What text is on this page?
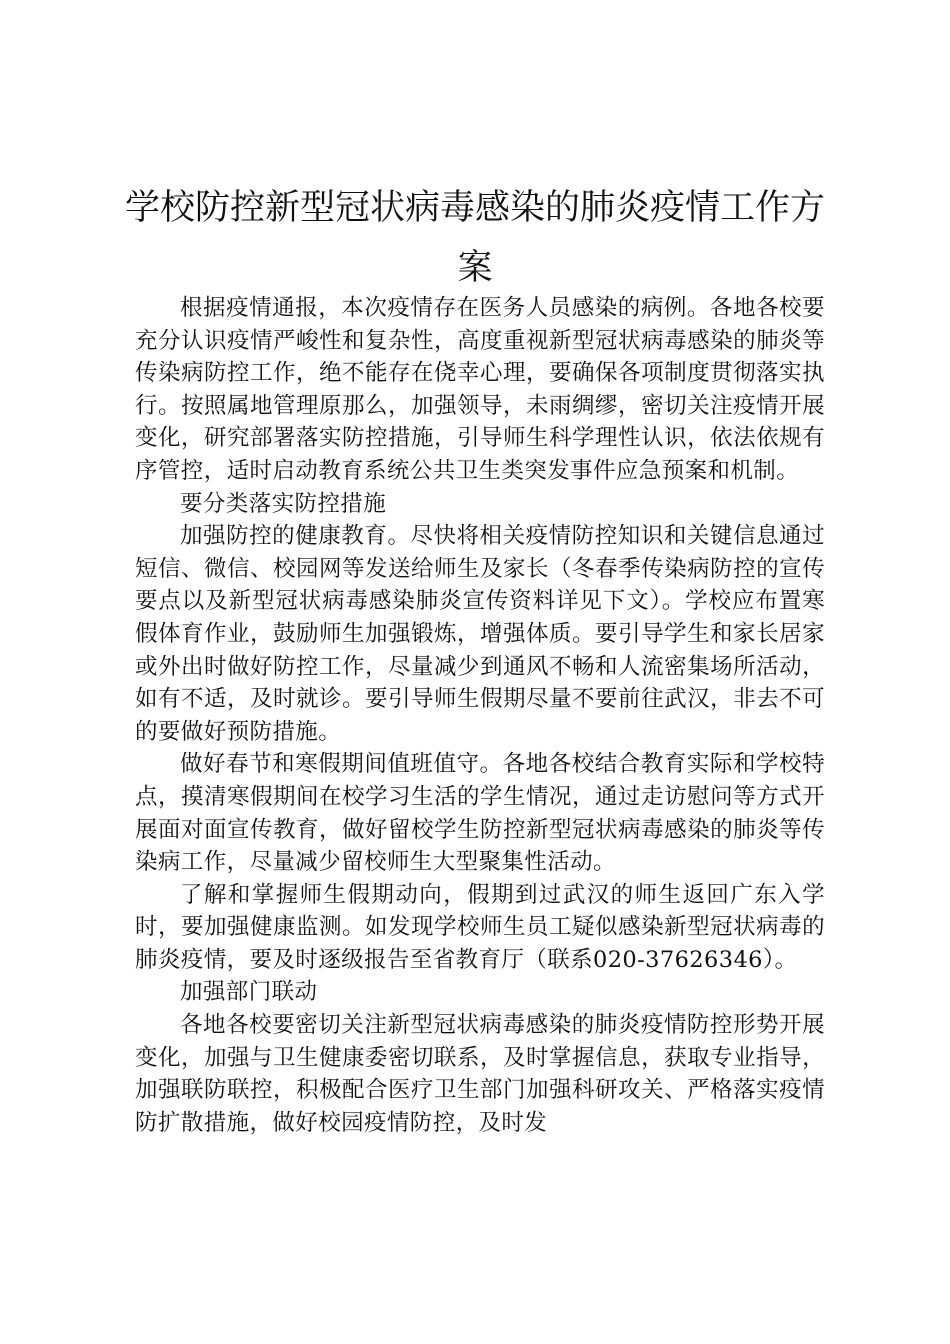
学校防控新型冠状病毒感染的肺炎疫情工作方案

根据疫情通报，本次疫情存在医务人员感染的病例。各地各校要充分认识疫情严峻性和复杂性，高度重视新型冠状病毒感染的肺炎等传染病防控工作，绝不能存在侥幸心理，要确保各项制度贯彻落实执行。按照属地管理原那么，加强领导，未雨绸缪，密切关注疫情开展变化，研究部署落实防控措施，引导师生科学理性认识，依法依规有序管控，适时启动教育系统公共卫生类突发事件应急预案和机制。

要分类落实防控措施

加强防控的健康教育。尽快将相关疫情防控知识和关键信息通过短信、微信、校园网等发送给师生及家长（冬春季传染病防控的宣传要点以及新型冠状病毒感染肺炎宣传资料详见下文）。学校应布置寒假体育作业，鼓励师生加强锻炼，增强体质。要引导学生和家长居家或外出时做好防控工作，尽量减少到通风不畅和人流密集场所活动，如有不适，及时就诊。要引导师生假期尽量不要前往武汉，非去不可的要做好预防措施。

做好春节和寒假期间值班值守。各地各校结合教育实际和学校特点，摸清寒假期间在校学习生活的学生情况，通过走访慰问等方式开展面对面宣传教育，做好留校学生防控新型冠状病毒感染的肺炎等传染病工作，尽量减少留校师生大型聚集性活动。

了解和掌握师生假期动向，假期到过武汉的师生返回广东入学时，要加强健康监测。如发现学校师生员工疑似感染新型冠状病毒的肺炎疫情，要及时逐级报告至省教育厅（联系020-37626346）。

加强部门联动

各地各校要密切关注新型冠状病毒感染的肺炎疫情防控形势开展变化，加强与卫生健康委密切联系，及时掌握信息，获取专业指导，加强联防联控，积极配合医疗卫生部门加强科研攻关、严格落实疫情防扩散措施，做好校园疫情防控，及时发
